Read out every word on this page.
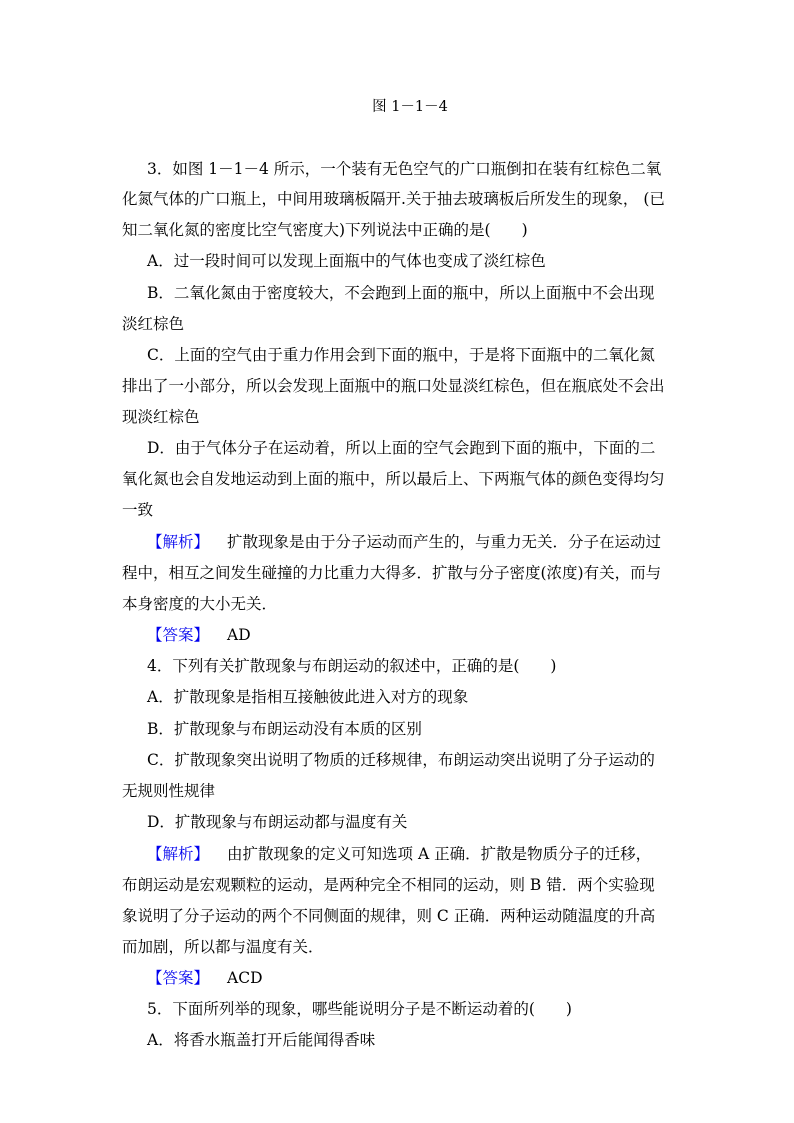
图 1－1－4
3．如图 1－1－4 所示，一个装有无色空气的广口瓶倒扣在装有红棕色二氧
化氮气体的广口瓶上，中间用玻璃板隔开.关于抽去玻璃板后所发生的现象， (已
知二氧化氮的密度比空气密度大)下列说法中正确的是(　　)
A．过一段时间可以发现上面瓶中的气体也变成了淡红棕色
B．二氧化氮由于密度较大，不会跑到上面的瓶中，所以上面瓶中不会出现
淡红棕色
C．上面的空气由于重力作用会到下面的瓶中，于是将下面瓶中的二氧化氮
排出了一小部分，所以会发现上面瓶中的瓶口处显淡红棕色，但在瓶底处不会出
现淡红棕色
D．由于气体分子在运动着，所以上面的空气会跑到下面的瓶中，下面的二
氧化氮也会自发地运动到上面的瓶中，所以最后上、下两瓶气体的颜色变得均匀
一致
【解析】 扩散现象是由于分子运动而产生的，与重力无关．分子在运动过
程中，相互之间发生碰撞的力比重力大得多．扩散与分子密度(浓度)有关，而与
本身密度的大小无关．
【答案】 AD
4．下列有关扩散现象与布朗运动的叙述中，正确的是(　　)
A．扩散现象是指相互接触彼此进入对方的现象
B．扩散现象与布朗运动没有本质的区别
C．扩散现象突出说明了物质的迁移规律，布朗运动突出说明了分子运动的
无规则性规律
D．扩散现象与布朗运动都与温度有关
【解析】 由扩散现象的定义可知选项 A 正确．扩散是物质分子的迁移，
布朗运动是宏观颗粒的运动，是两种完全不相同的运动，则 B 错．两个实验现
象说明了分子运动的两个不同侧面的规律，则 C 正确．两种运动随温度的升高
而加剧，所以都与温度有关．
【答案】 ACD
5．下面所列举的现象，哪些能说明分子是不断运动着的(　　)
A．将香水瓶盖打开后能闻得香味
